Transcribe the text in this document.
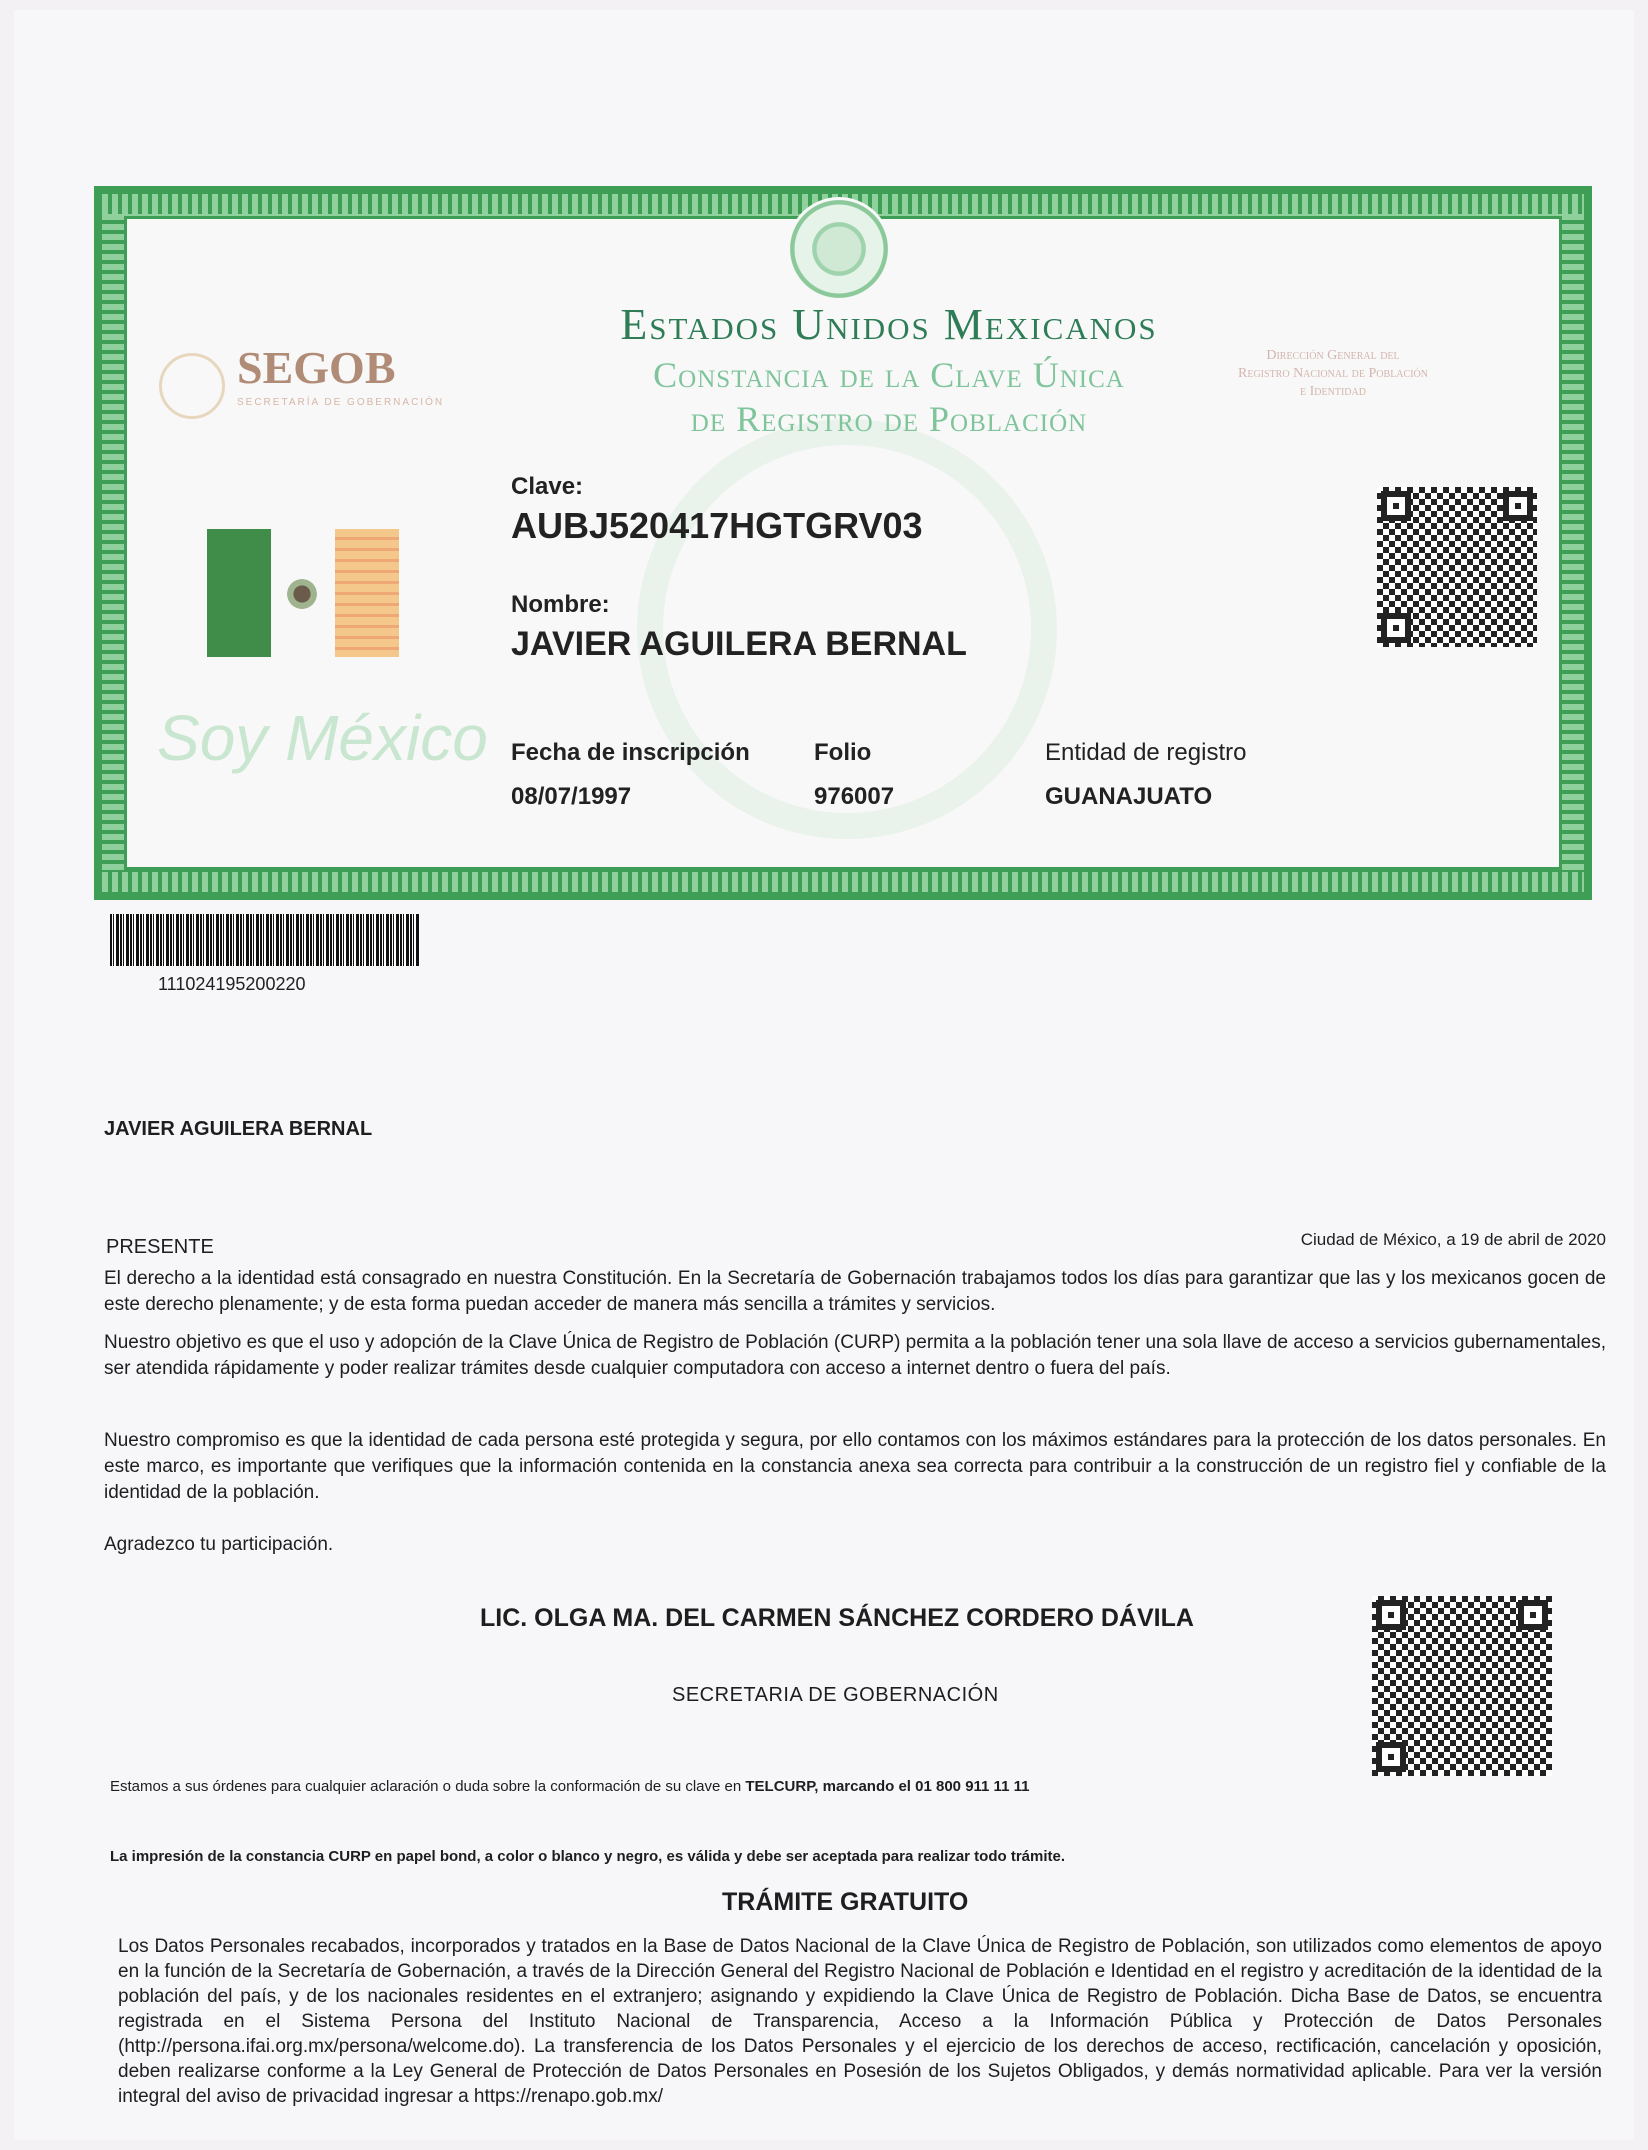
SEGOB
SECRETARÍA DE GOBERNACIÓN
Estados Unidos Mexicanos
Constancia de la Clave Única
de Registro de Población
Dirección General del
Registro Nacional de Población
e Identidad
Soy México
Clave:
AUBJ520417HGTGRV03
Nombre:
JAVIER AGUILERA BERNAL
Fecha de inscripción
08/07/1997
Folio
976007
Entidad de registro
GUANAJUATO
111024195200220
JAVIER AGUILERA BERNAL
PRESENTE	Ciudad de México, a 19 de abril de 2020
El derecho a la identidad está consagrado en nuestra Constitución. En la Secretaría de Gobernación trabajamos todos los días para garantizar que las y los mexicanos gocen de este derecho plenamente; y de esta forma puedan acceder de manera más sencilla a trámites y servicios.
Nuestro objetivo es que el uso y adopción de la Clave Única de Registro de Población (CURP) permita a la población tener una sola llave de acceso a servicios gubernamentales, ser atendida rápidamente y poder realizar trámites desde cualquier computadora con acceso a internet dentro o fuera del país.
Nuestro compromiso es que la identidad de cada persona esté protegida y segura, por ello contamos con los máximos estándares para la protección de los datos personales. En este marco, es importante que verifiques que la información contenida en la constancia anexa sea correcta para contribuir a la construcción de un registro fiel y confiable de la identidad de la población.
Agradezco tu participación.
LIC. OLGA MA. DEL CARMEN SÁNCHEZ CORDERO DÁVILA
SECRETARIA DE GOBERNACIÓN
Estamos a sus órdenes para cualquier aclaración o duda sobre la conformación de su clave en TELCURP, marcando el 01 800 911 11 11
La impresión de la constancia CURP en papel bond, a color o blanco y negro, es válida y debe ser aceptada para realizar todo trámite.
TRÁMITE GRATUITO
Los Datos Personales recabados, incorporados y tratados en la Base de Datos Nacional de la Clave Única de Registro de Población, son utilizados como elementos de apoyo en la función de la Secretaría de Gobernación, a través de la Dirección General del Registro Nacional de Población e Identidad en el registro y acreditación de la identidad de la población del país, y de los nacionales residentes en el extranjero; asignando y expidiendo la Clave Única de Registro de Población. Dicha Base de Datos, se encuentra registrada en el Sistema Persona del Instituto Nacional de Transparencia, Acceso a la Información Pública y Protección de Datos Personales (http://persona.ifai.org.mx/persona/welcome.do). La transferencia de los Datos Personales y el ejercicio de los derechos de acceso, rectificación, cancelación y oposición, deben realizarse conforme a la Ley General de Protección de Datos Personales en Posesión de los Sujetos Obligados, y demás normatividad aplicable. Para ver la versión integral del aviso de privacidad ingresar a https://renapo.gob.mx/
